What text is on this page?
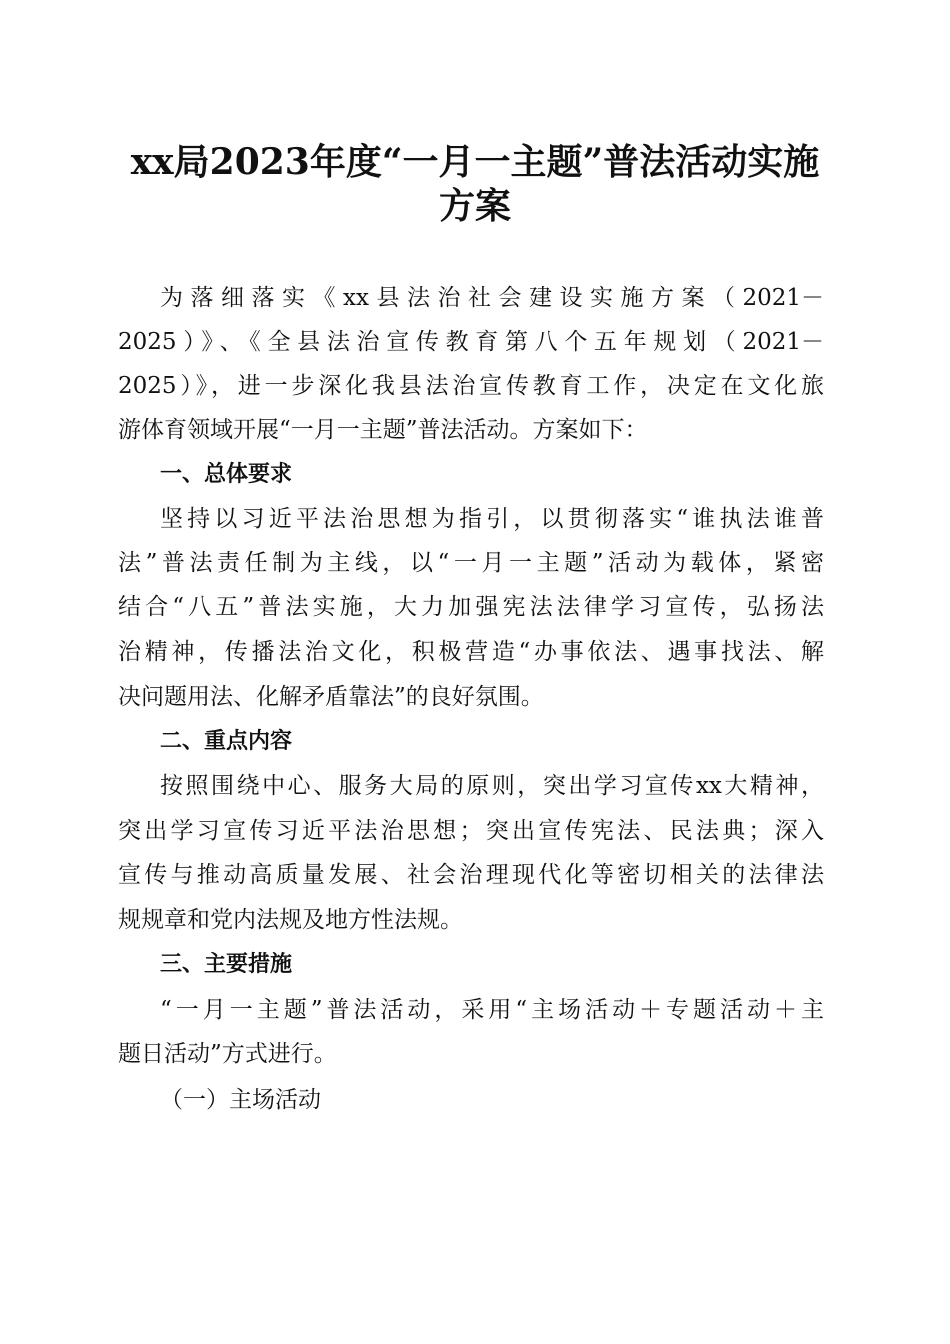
xx局2023年度“一月一主题”普法活动实施
方案

为落细落实《xx县法治社会建设实施方案（2021－

2025）》、《全县法治宣传教育第八个五年规划（2021－

2025）》，进一步深化我县法治宣传教育工作，决定在文化旅

游体育领域开展“一月一主题”普法活动。方案如下：

一、总体要求

坚持以习近平法治思想为指引，以贯彻落实“谁执法谁普

法”普法责任制为主线，以“一月一主题”活动为载体，紧密

结合“八五”普法实施，大力加强宪法法律学习宣传，弘扬法

治精神，传播法治文化，积极营造“办事依法、遇事找法、解

决问题用法、化解矛盾靠法”的良好氛围。

二、重点内容

按照围绕中心、服务大局的原则，突出学习宣传xx大精神，

突出学习宣传习近平法治思想；突出宣传宪法、民法典；深入

宣传与推动高质量发展、社会治理现代化等密切相关的法律法

规规章和党内法规及地方性法规。

三、主要措施

“一月一主题”普法活动，采用“主场活动＋专题活动＋主

题日活动”方式进行。

（一）主场活动
